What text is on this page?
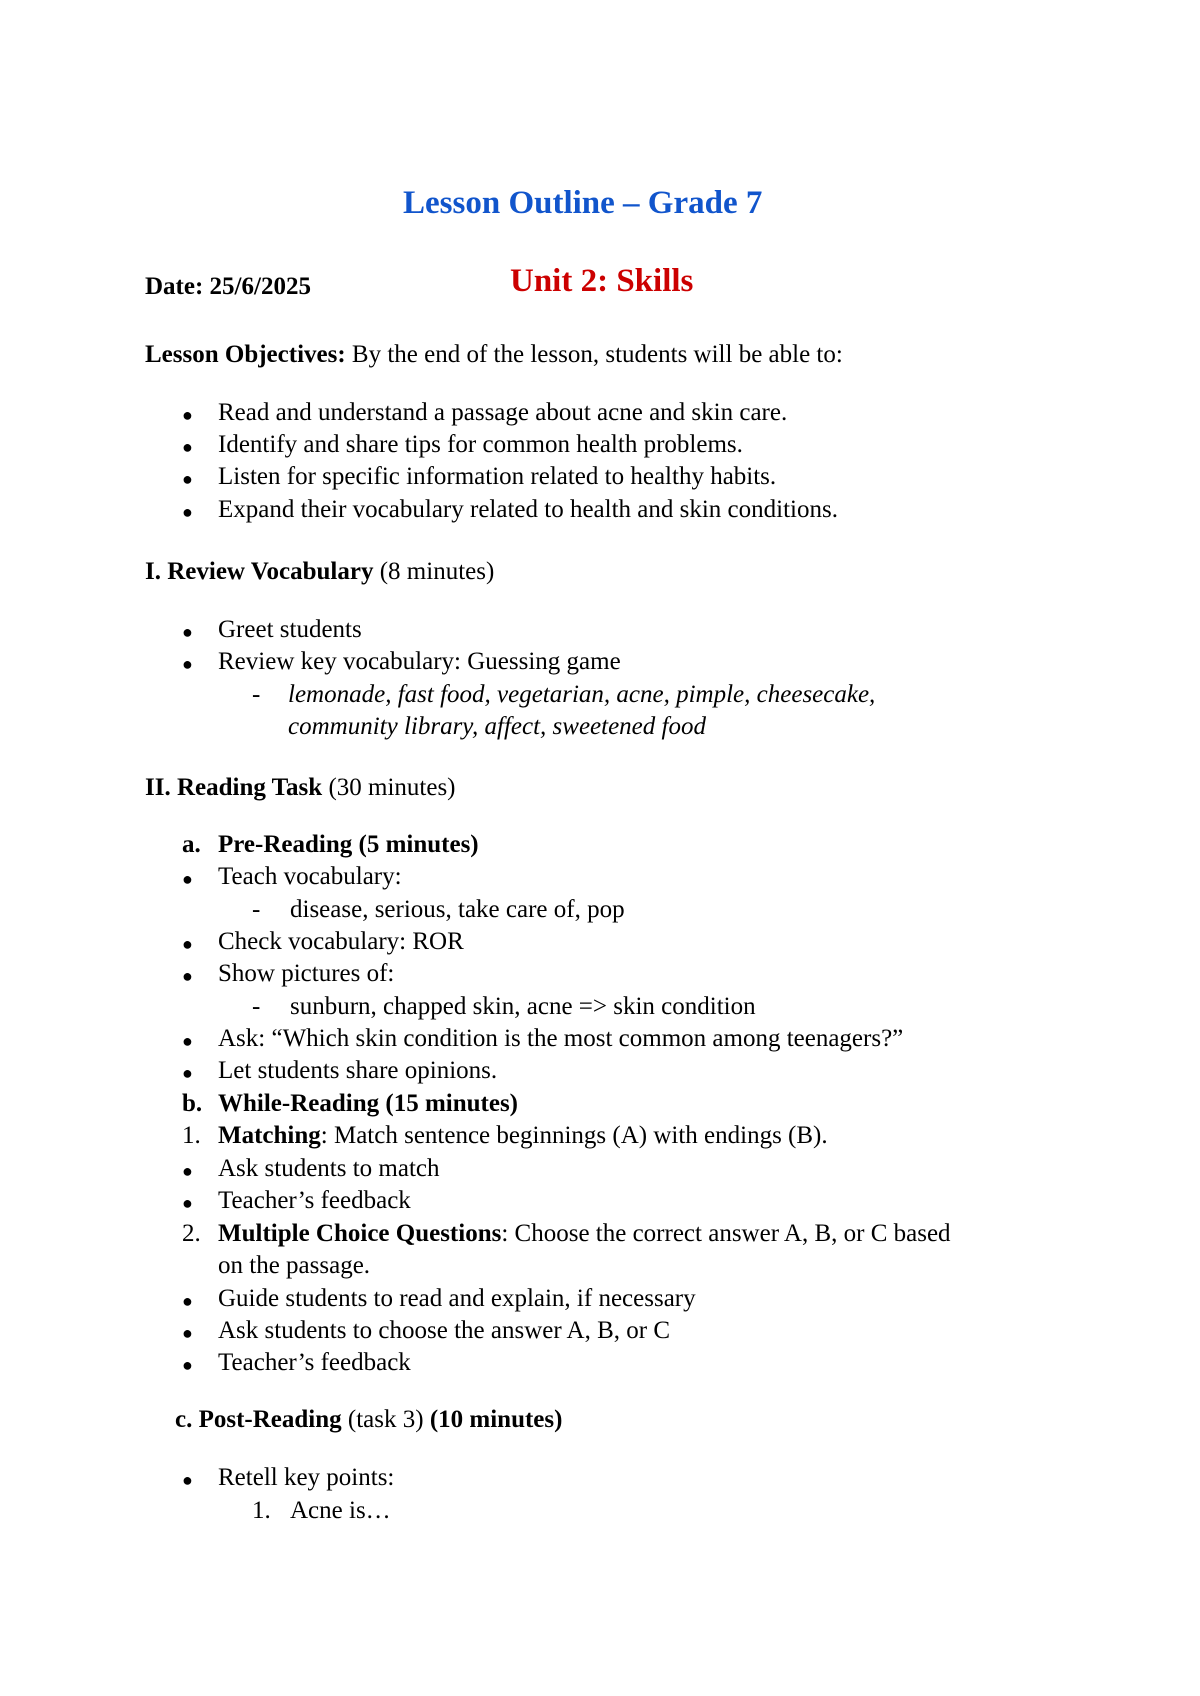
Lesson Outline – Grade 7
Date: 25/6/2025	Unit 2: Skills
Lesson Objectives: By the end of the lesson, students will be able to:
● Read and understand a passage about acne and skin care.
● Identify and share tips for common health problems.
● Listen for specific information related to healthy habits.
● Expand their vocabulary related to health and skin conditions.
I. Review Vocabulary (8 minutes)
● Greet students
● Review key vocabulary: Guessing game
- lemonade, fast food, vegetarian, acne, pimple, cheesecake,
community library, affect, sweetened food
II. Reading Task (30 minutes)
a. Pre-Reading (5 minutes)
● Teach vocabulary:
- disease, serious, take care of, pop
● Check vocabulary: ROR
● Show pictures of:
- sunburn, chapped skin, acne => skin condition
● Ask: “Which skin condition is the most common among teenagers?”
● Let students share opinions.
b. While-Reading (15 minutes)
1. Matching: Match sentence beginnings (A) with endings (B).
● Ask students to match
● Teacher’s feedback
2. Multiple Choice Questions: Choose the correct answer A, B, or C based
on the passage.
● Guide students to read and explain, if necessary
● Ask students to choose the answer A, B, or C
● Teacher’s feedback
c. Post-Reading (task 3) (10 minutes)
● Retell key points:
1. Acne is…
